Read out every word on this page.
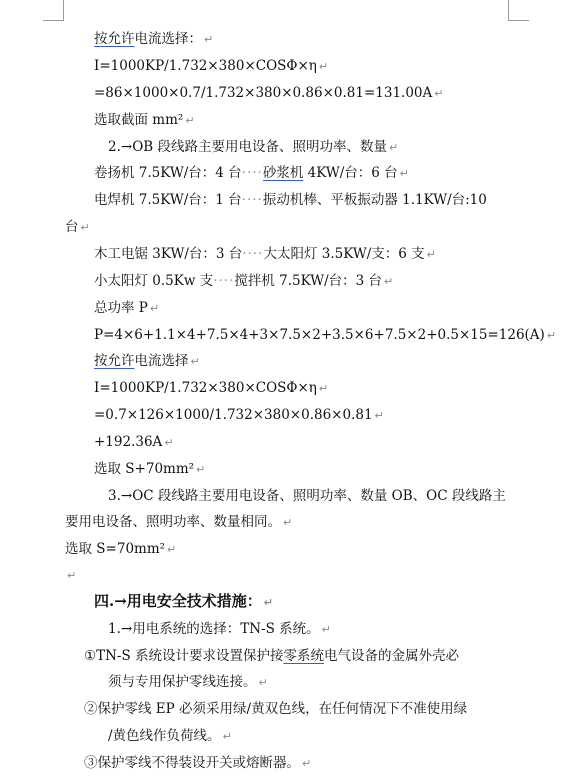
按允许电流选择： ↵
I=1000KP/1.732×380×COSΦ×η ↵
=86×1000×0.7/1.732×380×0.86×0.81=131.00A ↵
选取截面 mm² ↵
2.→OB 段线路主要用电设备、照明功率、数量 ↵
卷扬机 7.5KW/台：4 台····砂浆机 4KW/台：6 台 ↵
电焊机 7.5KW/台：1 台····振动机棒、平板振动器 1.1KW/台:10
台 ↵
木工电锯 3KW/台：3 台····大太阳灯 3.5KW/支：6 支 ↵
小太阳灯 0.5Kw 支····搅拌机 7.5KW/台：3 台 ↵
总功率 P ↵
P=4×6+1.1×4+7.5×4+3×7.5×2+3.5×6+7.5×2+0.5×15=126(A) ↵
按允许电流选择 ↵
I=1000KP/1.732×380×COSΦ×η ↵
=0.7×126×1000/1.732×380×0.86×0.81 ↵
+192.36A ↵
选取 S+70mm² ↵
3.→OC 段线路主要用电设备、照明功率、数量 OB、OC 段线路主
要用电设备、照明功率、数量相同。 ↵
选取 S=70mm² ↵
↵
四.→用电安全技术措施： ↵
1.→用电系统的选择：TN-S 系统。 ↵
①TN-S 系统设计要求设置保护接零系统电气设备的金属外壳必
须与专用保护零线连接。 ↵
②保护零线 EP 必须采用绿/黄双色线，在任何情况下不准使用绿
/黄色线作负荷线。 ↵
③保护零线不得装设开关或熔断器。 ↵
